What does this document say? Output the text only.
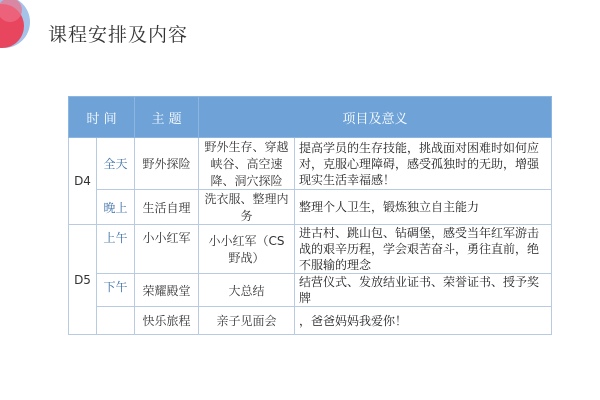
课程安排及内容
时 间		主 题	项目及意义	
D4	全天	野外探险	野外生存、穿越峡谷、高空速降、洞穴探险	提高学员的生存技能，挑战面对困难时如何应对，克服心理障碍，感受孤独时的无助，增强现实生活幸福感！
	晚上	生活自理	洗衣服、整理内务	整理个人卫生，锻炼独立自主能力
D5	上午	小小红军	小小红军（CS野战）	进古村、跳山包、钻碉堡，感受当年红军游击战的艰辛历程，学会艰苦奋斗，勇往直前，绝不服输的理念
	下午	荣耀殿堂	大总结	结营仪式、发放结业证书、荣誉证书、授予奖牌
		快乐旅程	亲子见面会	，爸爸妈妈我爱你！
